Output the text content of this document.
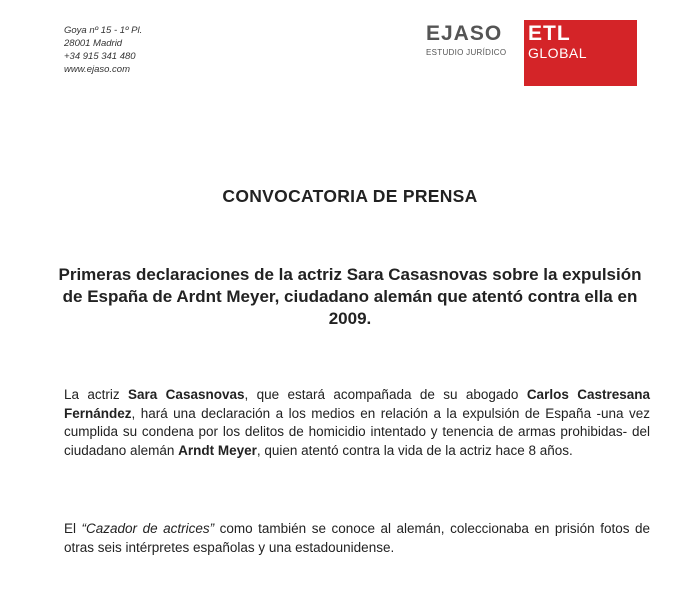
Goya nº 15 - 1º Pl.
28001 Madrid
+34 915 341 480
www.ejaso.com
EJASO
ESTUDIO JURÍDICO
ETL
GLOBAL
CONVOCATORIA DE PRENSA
Primeras declaraciones de la actriz Sara Casasnovas sobre la expulsión de España de Ardnt Meyer, ciudadano alemán que atentó contra ella en 2009.
La actriz Sara Casasnovas, que estará acompañada de su abogado Carlos Castresana Fernández, hará una declaración a los medios en relación a la expulsión de España -una vez cumplida su condena por los delitos de homicidio intentado y tenencia de armas prohibidas- del ciudadano alemán Arndt Meyer, quien atentó contra la vida de la actriz hace 8 años.
El “Cazador de actrices” como también se conoce al alemán, coleccionaba en prisión fotos de otras seis intérpretes españolas y una estadounidense.
